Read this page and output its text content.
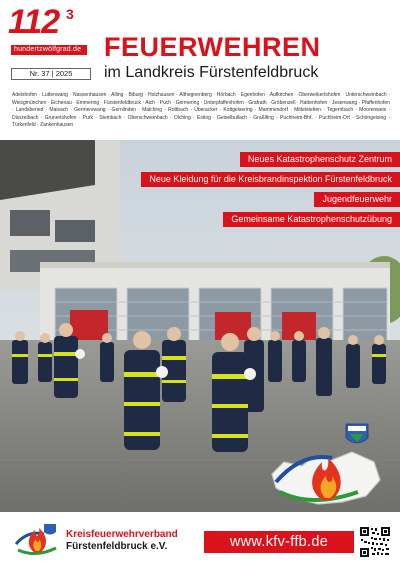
112 3
hundertzwölfgrad.de
Nr. 37 | 2025
FEUERWEHREN
im Landkreis Fürstenfeldbruck
Adelshofen · Luttenwang · Nassenhausen · Alling · Biburg · Holzhausen · Althegnenberg · Hörbach · Egenhofen · Aufkirchen · Oberweikertshofen · Unterschweinbach · Weisgmünchen · Eichenau · Emmering · Fürstenfeldbruck · Aich · Puch · Germering · Unterpfaffenhofen · Grafrath · Gröbenzell · Hattenhofen · Jesenwang · Pfaffenhofen · Landsberied · Maisach · Germerswang · Gernlinden · Malching · Rottbach · Überacker · Kottgeisering · Mammendorf · Mittelstetten · Tegernbach · Moorenweis · Dünzelbach · Grunertshofen · Purk · Steinbach · Oberschweinbach · Olching · Esting · Geiselbullach · Graßlfing · Puchheim-Bhf. · Puchheim-Ort · Schöngeising · Türkenfeld · Zankenhausen
Neues Katastrophenschutz Zentrum
Neue Kleidung für die Kreisbrandinspektion Fürstenfeldbruck
Jugendfeuerwehr
Gemeinsame Katastrophenschutzübung
Kreisfeuerwehrverband
Fürstenfeldbruck e.V.	www.kfv-ffb.de
